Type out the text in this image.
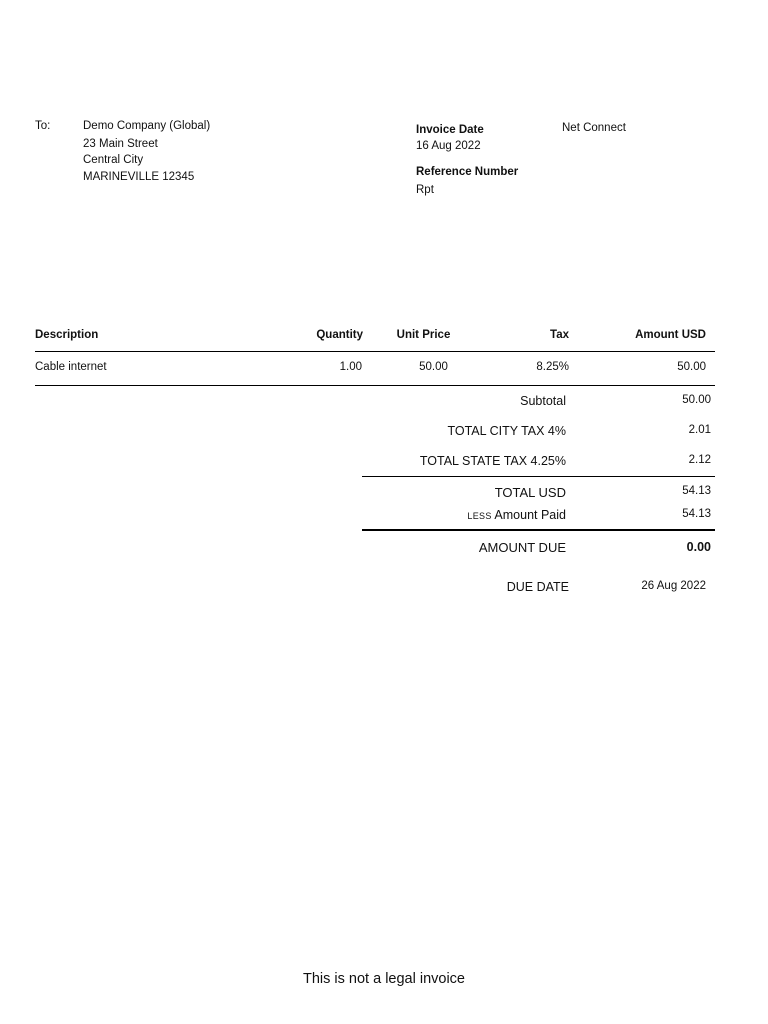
To:	Demo Company (Global)
23 Main Street
Central City
MARINEVILLE 12345
Invoice Date
16 Aug 2022
Reference Number
Rpt
Net Connect
Description	Quantity	Unit Price	Tax	Amount USD
Cable internet	1.00	50.00	8.25%	50.00
Subtotal	50.00
TOTAL CITY TAX 4%	2.01
TOTAL STATE TAX 4.25%	2.12
TOTAL USD	54.13
LESS Amount Paid	54.13
AMOUNT DUE	0.00
DUE DATE	26 Aug 2022
This is not a legal invoice
